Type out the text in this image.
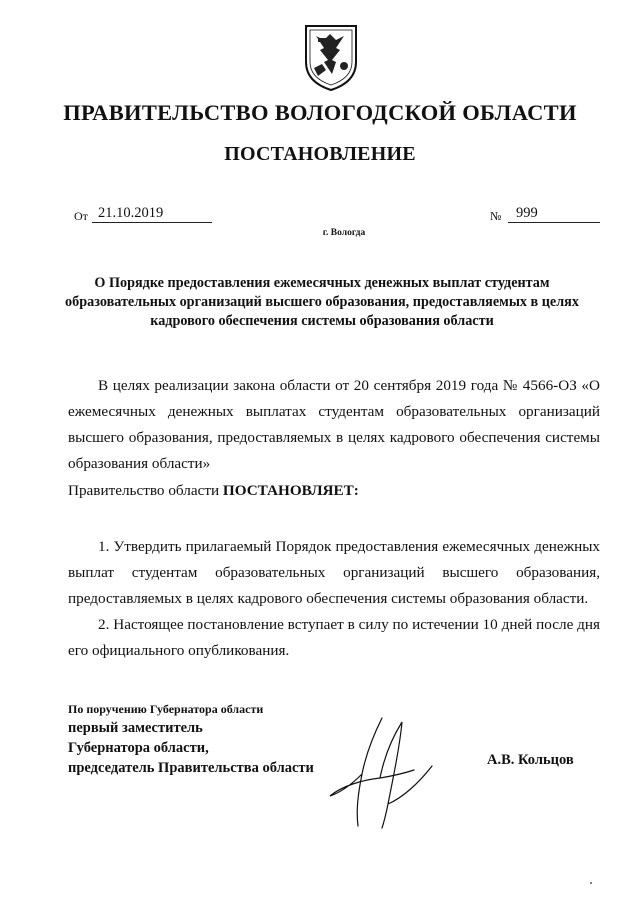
ПРАВИТЕЛЬСТВО ВОЛОГОДСКОЙ ОБЛАСТИ
ПОСТАНОВЛЕНИЕ
От 21.10.2019	№	999
г. Вологда
О Порядке предоставления ежемесячных денежных выплат студентам образовательных организаций высшего образования, предоставляемых в целях кадрового обеспечения системы образования области
В целях реализации закона области от 20 сентября 2019 года № 4566-ОЗ «О ежемесячных денежных выплатах студентам образовательных организаций высшего образования, предоставляемых в целях кадрового обеспечения системы образования области»
Правительство области ПОСТАНОВЛЯЕТ:
1. Утвердить прилагаемый Порядок предоставления ежемесячных денежных выплат студентам образовательных организаций высшего образования, предоставляемых в целях кадрового обеспечения системы образования области.
2. Настоящее постановление вступает в силу по истечении 10 дней после дня его официального опубликования.
По поручению Губернатора области
первый заместитель
Губернатора области,
председатель Правительства области	А.В. Кольцов
